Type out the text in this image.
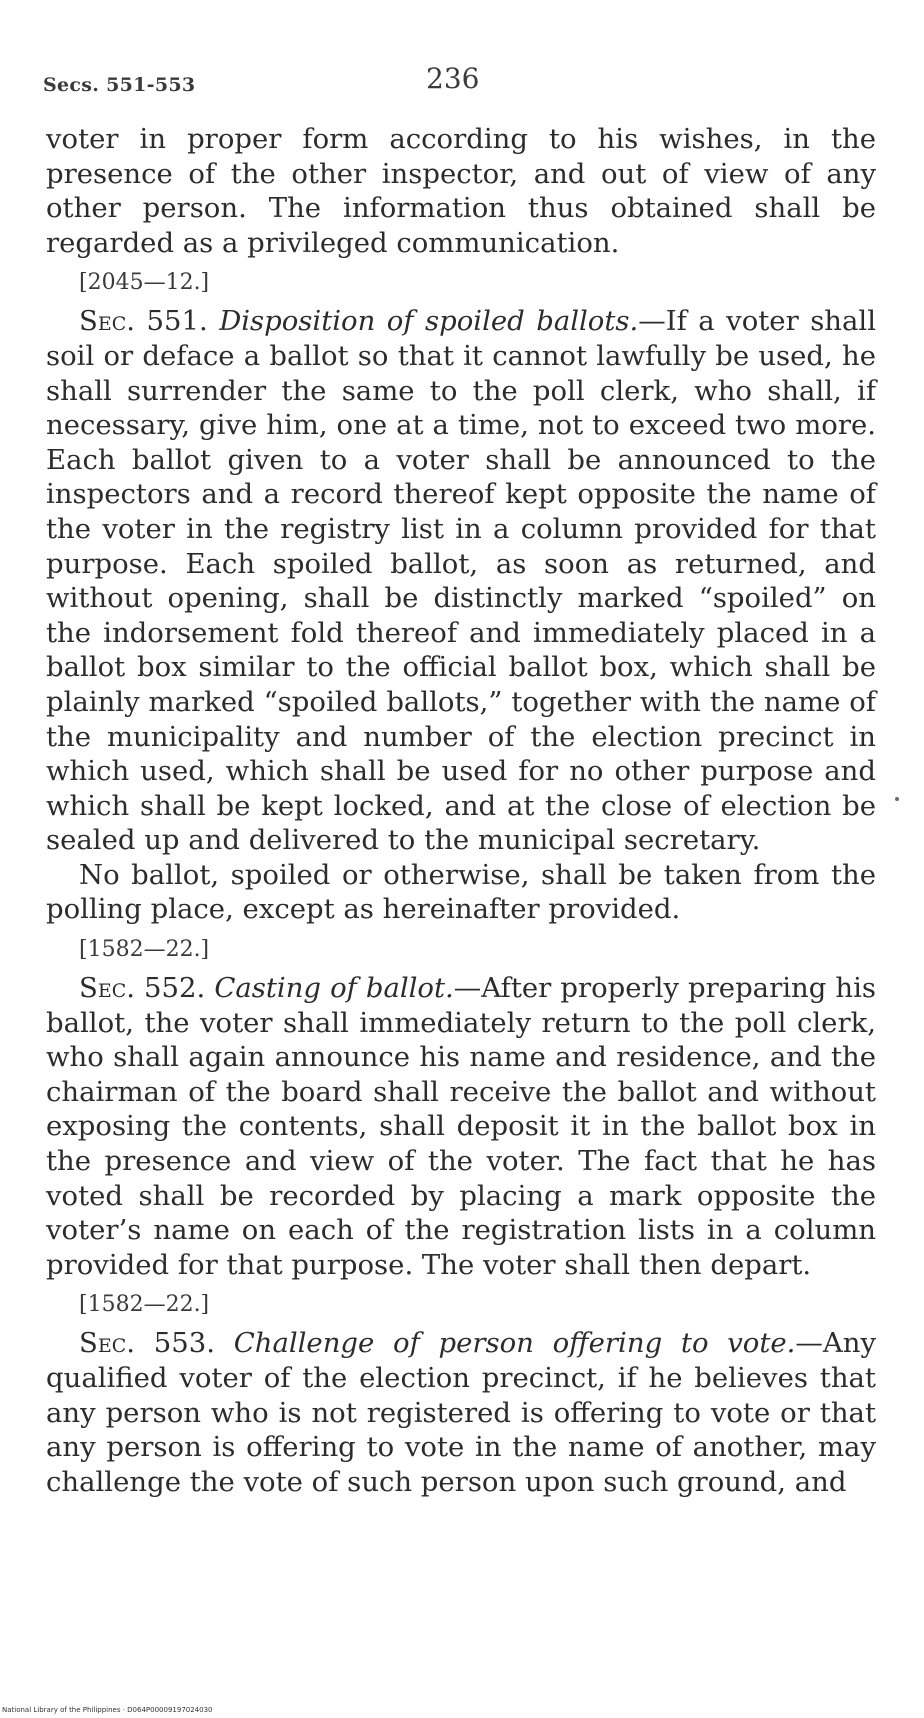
Secs. 551-553	236

voter in proper form according to his wishes, in the presence of the other inspector, and out of view of any other person. The information thus obtained shall be regarded as a privileged communication.

[2045—12.]

Sec. 551. Disposition of spoiled ballots.—If a voter shall soil or deface a ballot so that it cannot lawfully be used, he shall surrender the same to the poll clerk, who shall, if necessary, give him, one at a time, not to exceed two more. Each ballot given to a voter shall be announced to the inspectors and a record thereof kept opposite the name of the voter in the registry list in a column provided for that purpose. Each spoiled ballot, as soon as returned, and without opening, shall be distinctly marked “spoiled” on the indorsement fold thereof and immediately placed in a ballot box similar to the official ballot box, which shall be plainly marked “spoiled ballots,” together with the name of the municipality and number of the election precinct in which used, which shall be used for no other purpose and which shall be kept locked, and at the close of election be sealed up and delivered to the municipal secretary.

No ballot, spoiled or otherwise, shall be taken from the polling place, except as hereinafter provided.

[1582—22.]

Sec. 552. Casting of ballot.—After properly preparing his ballot, the voter shall immediately return to the poll clerk, who shall again announce his name and residence, and the chairman of the board shall receive the ballot and without exposing the contents, shall deposit it in the ballot box in the presence and view of the voter. The fact that he has voted shall be recorded by placing a mark opposite the voter’s name on each of the registration lists in a column provided for that purpose. The voter shall then depart.

[1582—22.]

Sec. 553. Challenge of person offering to vote.—Any qualified voter of the election precinct, if he believes that any person who is not registered is offering to vote or that any person is offering to vote in the name of another, may challenge the vote of such person upon such ground, and

National Library of the Philippines · D064P00009197024030
